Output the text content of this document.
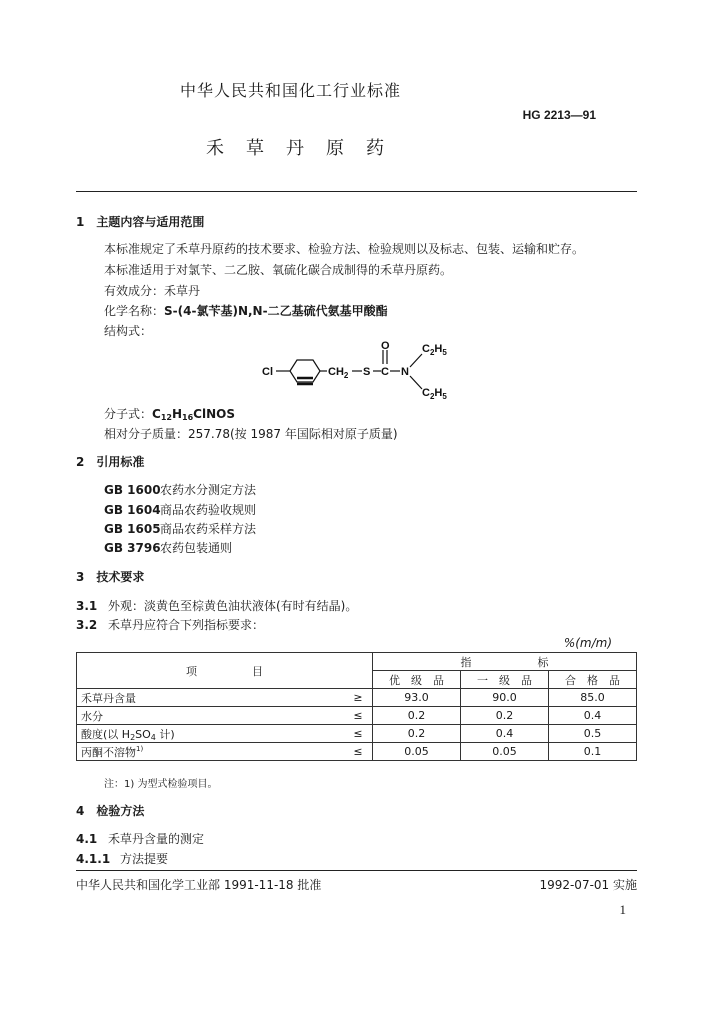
中华人民共和国化工行业标准
HG 2213—91
禾草丹原药
1　主题内容与适用范围
本标准规定了禾草丹原药的技术要求、检验方法、检验规则以及标志、包装、运输和贮存。
本标准适用于对氯苄、二乙胺、氧硫化碳合成制得的禾草丹原药。
有效成分：禾草丹
化学名称：S-(4-氯苄基)N,N-二乙基硫代氨基甲酸酯
结构式：
Cl	$CH_2$ S C
O
N
$C_2H_5$
$C_2H_5$
分子式：$C_{12}H_{16}ClNOS$
相对分子质量：257.78(按 1987 年国际相对原子质量)
2　引用标准
GB 1600农药水分测定方法
GB 1604商品农药验收规则
GB 1605商品农药采样方法
GB 3796农药包装通则
3　技术要求
3.1 外观：淡黄色至棕黄色油状液体(有时有结晶)。
3.2 禾草丹应符合下列指标要求：
%(m/m)
项　　　　　目		指　　　　　　标		
		优　级　品	一　级　品	合　格　品
禾草丹含量	≥	93.0	90.0	85.0
水分	≤	0.2	0.2	0.4
酸度(以 $H_2SO_4$ 计)	≤	0.2	0.4	0.5
丙酮不溶物$^{1)}$	≤	0.05	0.05	0.1
注：1) 为型式检验项目。
4　检验方法
4.1 禾草丹含量的测定
4.1.1 方法提要
中华人民共和国化学工业部 1991-11-18 批准	1992-07-01 实施
1
